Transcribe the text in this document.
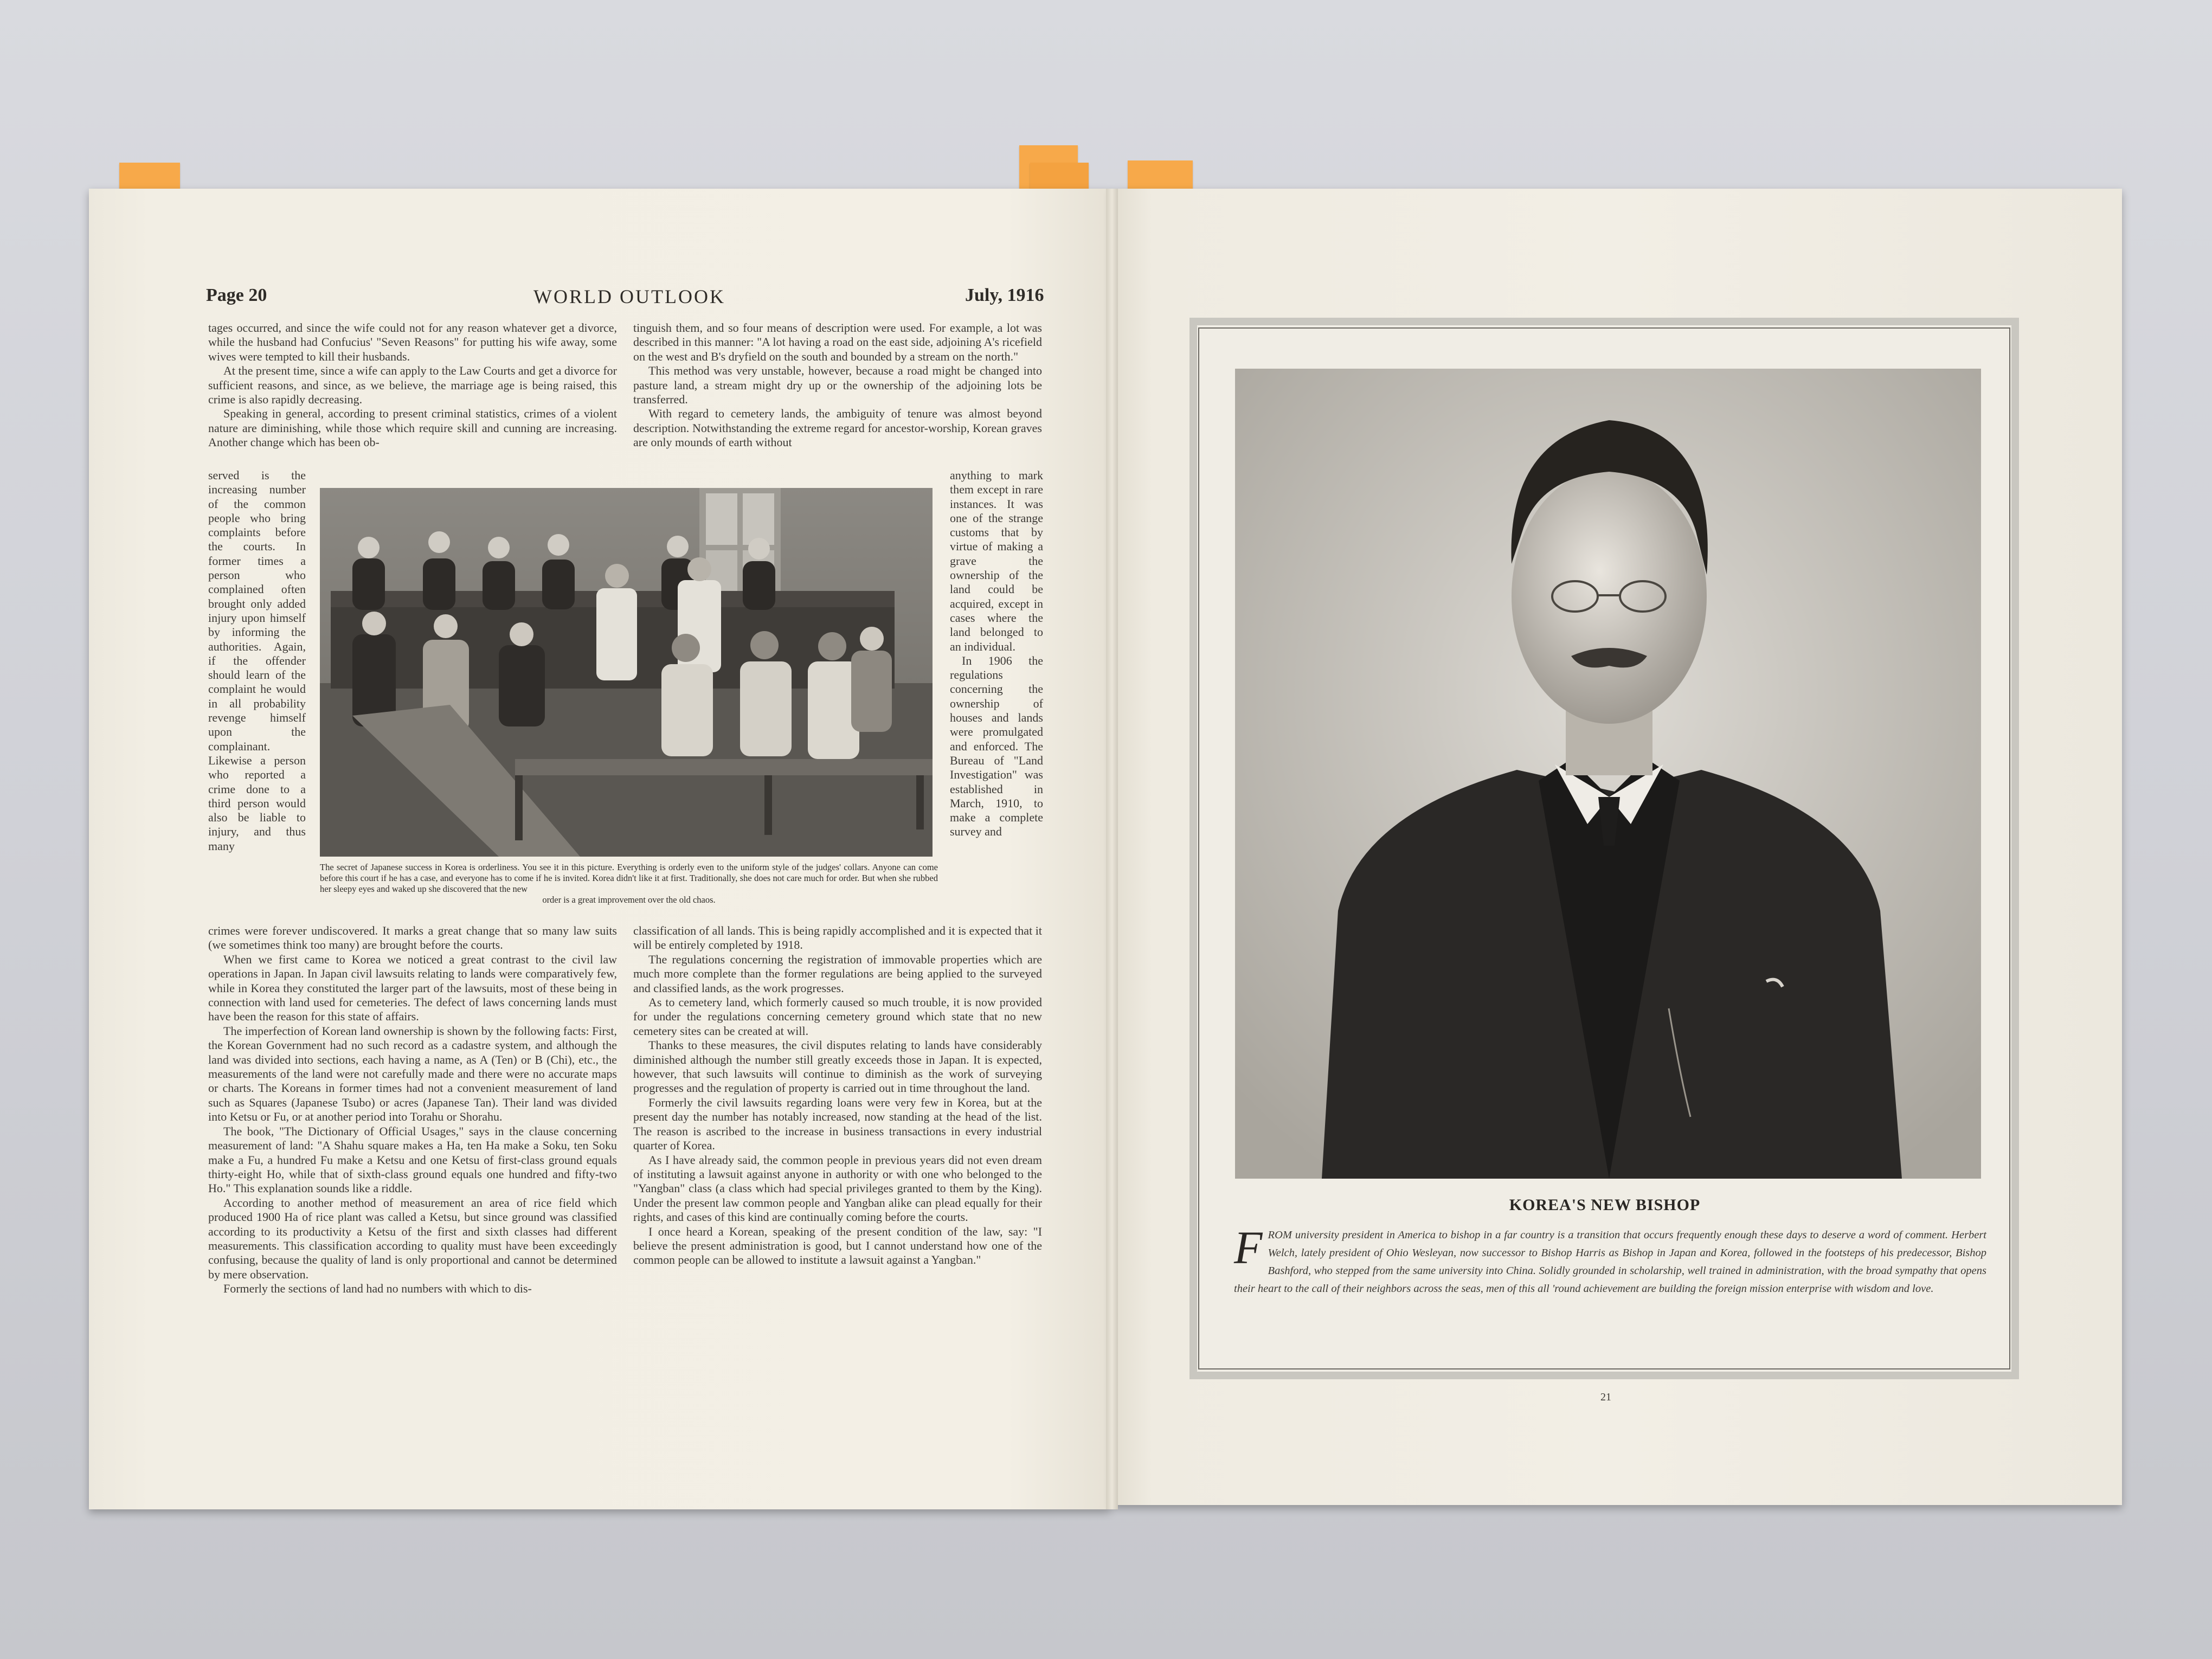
Page 20	WORLD OUTLOOK	July, 1916

tages occurred, and since the wife could not for any reason whatever get a divorce, while the husband had Confucius' "Seven Reasons" for putting his wife away, some wives were tempted to kill their husbands.

At the present time, since a wife can apply to the Law Courts and get a divorce for sufficient reasons, and since, as we believe, the marriage age is being raised, this crime is also rapidly decreasing.

Speaking in general, according to present criminal statistics, crimes of a violent nature are diminishing, while those which require skill and cunning are increasing. Another change which has been ob-

tinguish them, and so four means of description were used. For example, a lot was described in this manner: "A lot having a road on the east side, adjoining A's ricefield on the west and B's dryfield on the south and bounded by a stream on the north."

This method was very unstable, however, because a road might be changed into pasture land, a stream might dry up or the ownership of the adjoining lots be transferred.

With regard to cemetery lands, the ambiguity of tenure was almost beyond description. Notwithstanding the extreme regard for ancestor-worship, Korean graves are only mounds of earth without

served is the increasing number of the common people who bring complaints before the courts. In former times a person who complained often brought only added injury upon himself by informing the authorities. Again, if the offender should learn of the complaint he would in all probability revenge himself upon the complainant. Likewise a person who reported a crime done to a third person would also be liable to injury, and thus many

anything to mark them except in rare instances. It was one of the strange customs that by virtue of making a grave the ownership of the land could be acquired, except in cases where the land belonged to an individual.

In 1906 the regulations concerning the ownership of houses and lands were promulgated and enforced. The Bureau of "Land Investigation" was established in March, 1910, to make a complete survey and

The secret of Japanese success in Korea is orderliness. You see it in this picture. Everything is orderly even to the uniform style of the judges' collars. Anyone can come before this court if he has a case, and everyone has to come if he is invited. Korea didn't like it at first. Traditionally, she does not care much for order. But when she rubbed her sleepy eyes and waked up she discovered that the new
order is a great improvement over the old chaos.

crimes were forever undiscovered. It marks a great change that so many law suits (we sometimes think too many) are brought before the courts.

When we first came to Korea we noticed a great contrast to the civil law operations in Japan. In Japan civil lawsuits relating to lands were comparatively few, while in Korea they constituted the larger part of the lawsuits, most of these being in connection with land used for cemeteries. The defect of laws concerning lands must have been the reason for this state of affairs.

The imperfection of Korean land ownership is shown by the following facts: First, the Korean Government had no such record as a cadastre system, and although the land was divided into sections, each having a name, as A (Ten) or B (Chi), etc., the measurements of the land were not carefully made and there were no accurate maps or charts. The Koreans in former times had not a convenient measurement of land such as Squares (Japanese Tsubo) or acres (Japanese Tan). Their land was divided into Ketsu or Fu, or at another period into Torahu or Shorahu.

The book, "The Dictionary of Official Usages," says in the clause concerning measurement of land: "A Shahu square makes a Ha, ten Ha make a Soku, ten Soku make a Fu, a hundred Fu make a Ketsu and one Ketsu of first-class ground equals thirty-eight Ho, while that of sixth-class ground equals one hundred and fifty-two Ho." This explanation sounds like a riddle.

According to another method of measurement an area of rice field which produced 1900 Ha of rice plant was called a Ketsu, but since ground was classified according to its productivity a Ketsu of the first and sixth classes had different measurements. This classification according to quality must have been exceedingly confusing, because the quality of land is only proportional and cannot be determined by mere observation.

Formerly the sections of land had no numbers with which to dis-

classification of all lands. This is being rapidly accomplished and it is expected that it will be entirely completed by 1918.

The regulations concerning the registration of immovable properties which are much more complete than the former regulations are being applied to the surveyed and classified lands, as the work progresses.

As to cemetery land, which formerly caused so much trouble, it is now provided for under the regulations concerning cemetery ground which state that no new cemetery sites can be created at will.

Thanks to these measures, the civil disputes relating to lands have considerably diminished although the number still greatly exceeds those in Japan. It is expected, however, that such lawsuits will continue to diminish as the work of surveying progresses and the regulation of property is carried out in time throughout the land.

Formerly the civil lawsuits regarding loans were very few in Korea, but at the present day the number has notably increased, now standing at the head of the list. The reason is ascribed to the increase in business transactions in every industrial quarter of Korea.

As I have already said, the common people in previous years did not even dream of instituting a lawsuit against anyone in authority or with one who belonged to the "Yangban" class (a class which had special privileges granted to them by the King). Under the present law common people and Yangban alike can plead equally for their rights, and cases of this kind are continually coming before the courts.

I once heard a Korean, speaking of the present condition of the law, say: "I believe the present administration is good, but I cannot understand how one of the common people can be allowed to institute a lawsuit against a Yangban."

KOREA'S NEW BISHOP
F ROM university president in America to bishop in a far country is a transition that occurs frequently enough these days to deserve a word of comment. Herbert Welch, lately president of Ohio Wesleyan, now successor to Bishop Harris as Bishop in Japan and Korea, followed in the footsteps of his predecessor, Bishop Bashford, who stepped from the same university into China. Solidly grounded in scholarship, well trained in administration, with the broad sympathy that opens their heart to the call of their neighbors across the seas, men of this all 'round achievement are building the foreign mission enterprise with wisdom and love.
21
